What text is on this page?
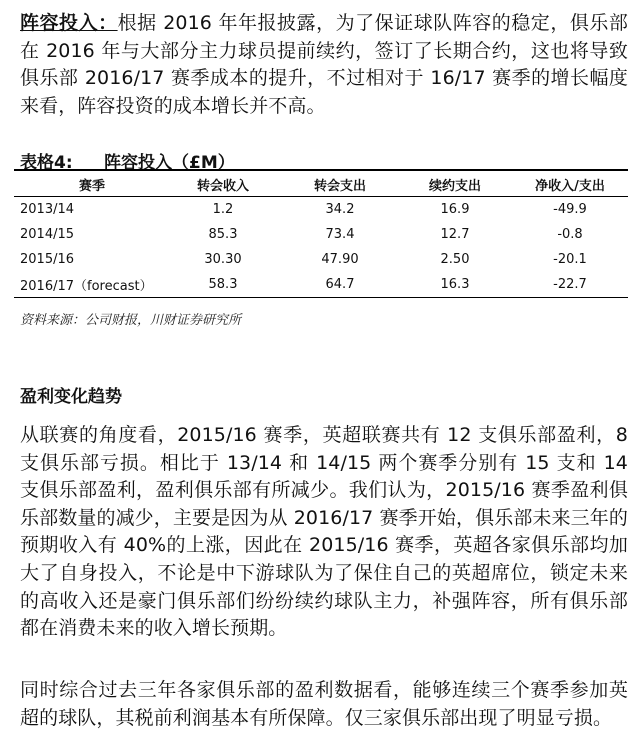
阵容投入：根据 2016 年年报披露，为了保证球队阵容的稳定，俱乐部在 2016 年与大部分主力球员提前续约，签订了长期合约，这也将导致俱乐部 2016/17 赛季成本的提升，不过相对于 16/17 赛季的增长幅度来看，阵容投资的成本增长并不高。

表格4: 阵容投入（£M）

赛季	转会收入	转会支出	续约支出	净收入/支出
2013/14	1.2	34.2	16.9	-49.9
2014/15	85.3	73.4	12.7	-0.8
2015/16	30.30	47.90	2.50	-20.1
2016/17（forecast）	58.3	64.7	16.3	-22.7

资料来源：公司财报，川财证券研究所

盈利变化趋势

从联赛的角度看，2015/16 赛季，英超联赛共有 12 支俱乐部盈利，8 支俱乐部亏损。相比于 13/14 和 14/15 两个赛季分别有 15 支和 14 支俱乐部盈利，盈利俱乐部有所减少。我们认为，2015/16 赛季盈利俱乐部数量的减少，主要是因为从 2016/17 赛季开始，俱乐部未来三年的预期收入有 40%的上涨，因此在 2015/16 赛季，英超各家俱乐部均加大了自身投入，不论是中下游球队为了保住自己的英超席位，锁定未来的高收入还是豪门俱乐部们纷纷续约球队主力，补强阵容，所有俱乐部都在消费未来的收入增长预期。

同时综合过去三年各家俱乐部的盈利数据看，能够连续三个赛季参加英超的球队，其税前利润基本有所保障。仅三家俱乐部出现了明显亏损。
